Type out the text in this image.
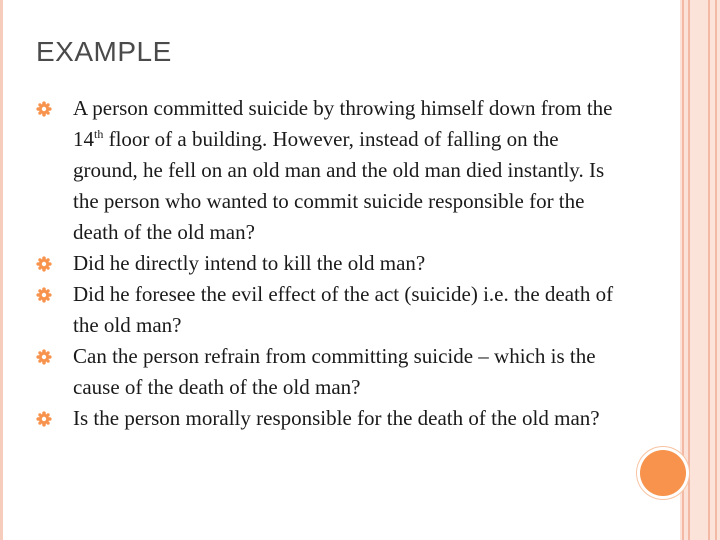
EXAMPLE
A person committed suicide by throwing himself down from the 14th floor of a building. However, instead of falling on the ground, he fell on an old man and the old man died instantly. Is the person who wanted to commit suicide responsible for the death of the old man?
Did he directly intend to kill the old man?
Did he foresee the evil effect of the act (suicide) i.e. the death of the old man?
Can the person refrain from committing suicide – which is the cause of the death of the old man?
Is the person morally responsible for the death of the old man?
